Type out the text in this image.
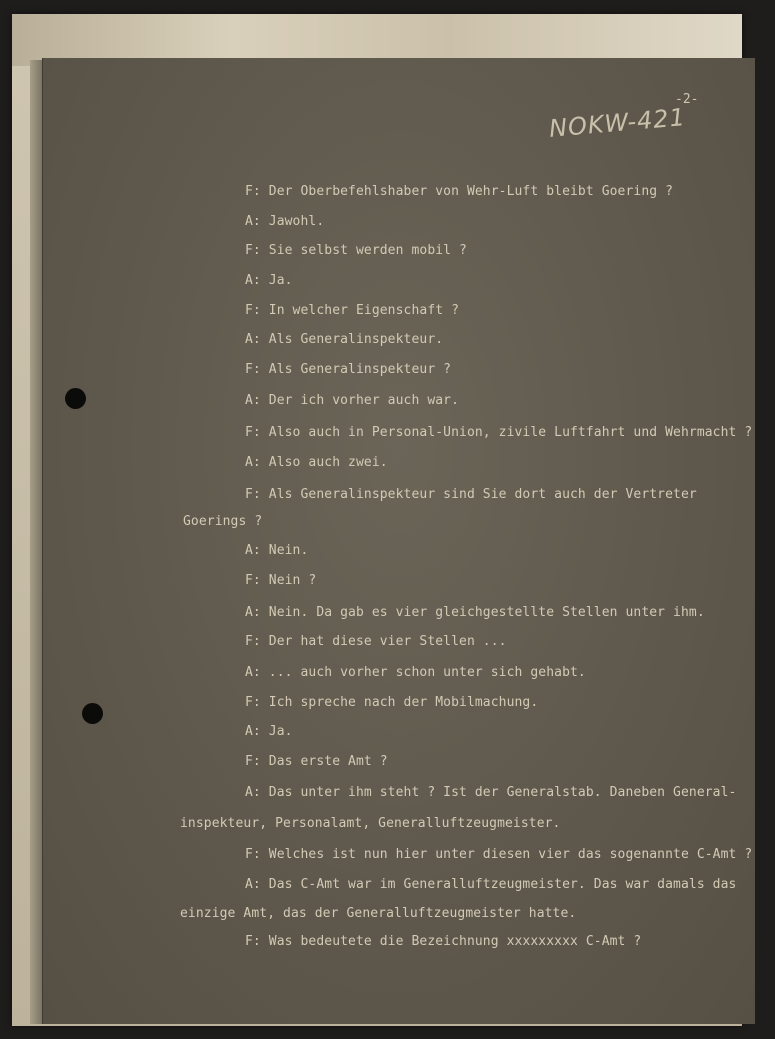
-2-
NOKW-421
F: Der Oberbefehlshaber von Wehr-Luft bleibt Goering ?
A: Jawohl.
F: Sie selbst werden mobil ?
A: Ja.
F: In welcher Eigenschaft ?
A: Als Generalinspekteur.
F: Als Generalinspekteur ?
A: Der ich vorher auch war.
F: Also auch in Personal-Union, zivile Luftfahrt und Wehrmacht ?
A: Also auch zwei.
F: Als Generalinspekteur sind Sie dort auch der Vertreter
Goerings ?
A: Nein.
F: Nein ?
A: Nein. Da gab es vier gleichgestellte Stellen unter ihm.
F: Der hat diese vier Stellen ...
A: ... auch vorher schon unter sich gehabt.
F: Ich spreche nach der Mobilmachung.
A: Ja.
F: Das erste Amt ?
A: Das unter ihm steht ? Ist der Generalstab. Daneben General-
inspekteur, Personalamt, Generalluftzeugmeister.
F: Welches ist nun hier unter diesen vier das sogenannte C-Amt ?
A: Das C-Amt war im Generalluftzeugmeister. Das war damals das
einzige Amt, das der Generalluftzeugmeister hatte.
F: Was bedeutete die Bezeichnung xxxxxxxxx C-Amt ?
